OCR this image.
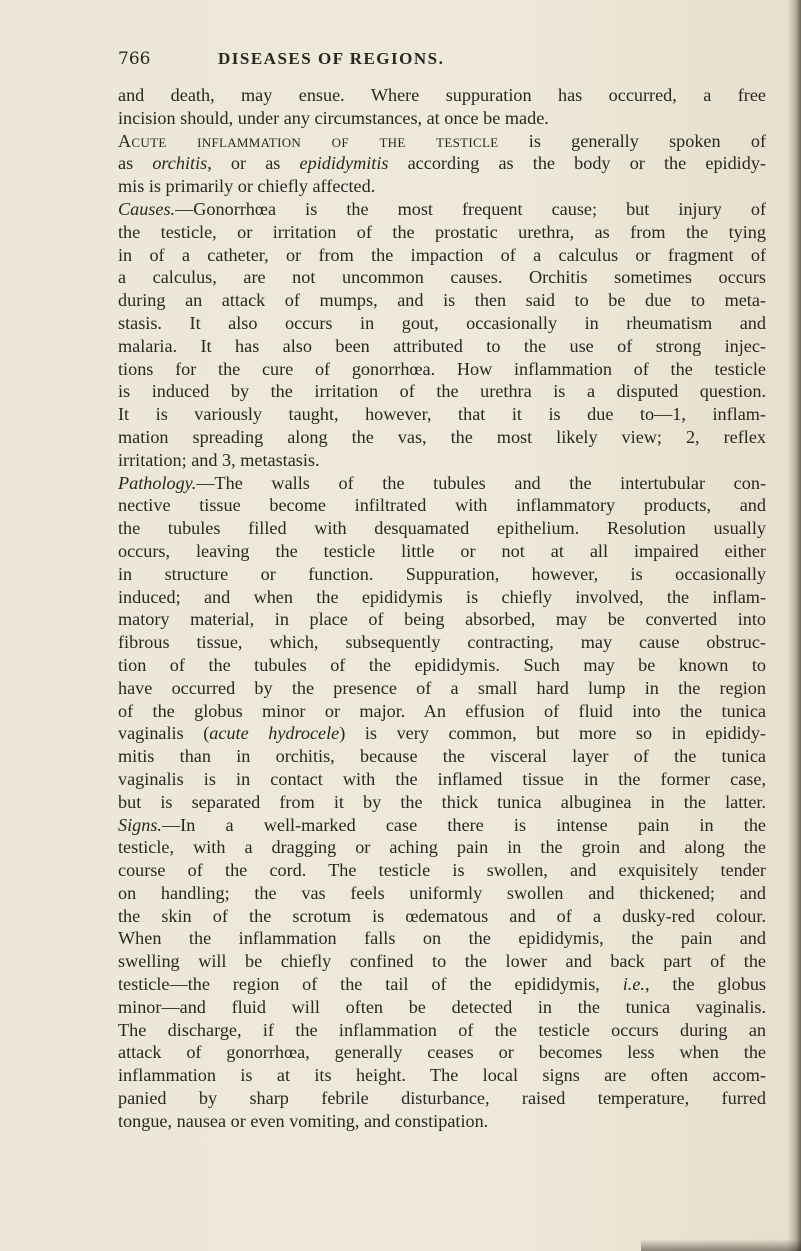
766	DISEASES OF REGIONS.
and death, may ensue. Where suppuration has occurred, a free
incision should, under any circumstances, at once be made.
Acute inflammation of the testicle is generally spoken of
as orchitis, or as epididymitis according as the body or the epididy-
mis is primarily or chiefly affected.
Causes.—Gonorrhœa is the most frequent cause; but injury of
the testicle, or irritation of the prostatic urethra, as from the tying
in of a catheter, or from the impaction of a calculus or fragment of
a calculus, are not uncommon causes. Orchitis sometimes occurs
during an attack of mumps, and is then said to be due to meta-
stasis. It also occurs in gout, occasionally in rheumatism and
malaria. It has also been attributed to the use of strong injec-
tions for the cure of gonorrhœa. How inflammation of the testicle
is induced by the irritation of the urethra is a disputed question.
It is variously taught, however, that it is due to—1, inflam-
mation spreading along the vas, the most likely view; 2, reflex
irritation; and 3, metastasis.
Pathology.—The walls of the tubules and the intertubular con-
nective tissue become infiltrated with inflammatory products, and
the tubules filled with desquamated epithelium. Resolution usually
occurs, leaving the testicle little or not at all impaired either
in structure or function. Suppuration, however, is occasionally
induced; and when the epididymis is chiefly involved, the inflam-
matory material, in place of being absorbed, may be converted into
fibrous tissue, which, subsequently contracting, may cause obstruc-
tion of the tubules of the epididymis. Such may be known to
have occurred by the presence of a small hard lump in the region
of the globus minor or major. An effusion of fluid into the tunica
vaginalis (acute hydrocele) is very common, but more so in epididy-
mitis than in orchitis, because the visceral layer of the tunica
vaginalis is in contact with the inflamed tissue in the former case,
but is separated from it by the thick tunica albuginea in the latter.
Signs.—In a well-marked case there is intense pain in the
testicle, with a dragging or aching pain in the groin and along the
course of the cord. The testicle is swollen, and exquisitely tender
on handling; the vas feels uniformly swollen and thickened; and
the skin of the scrotum is œdematous and of a dusky-red colour.
When the inflammation falls on the epididymis, the pain and
swelling will be chiefly confined to the lower and back part of the
testicle—the region of the tail of the epididymis, i.e., the globus
minor—and fluid will often be detected in the tunica vaginalis.
The discharge, if the inflammation of the testicle occurs during an
attack of gonorrhœa, generally ceases or becomes less when the
inflammation is at its height. The local signs are often accom-
panied by sharp febrile disturbance, raised temperature, furred
tongue, nausea or even vomiting, and constipation.
